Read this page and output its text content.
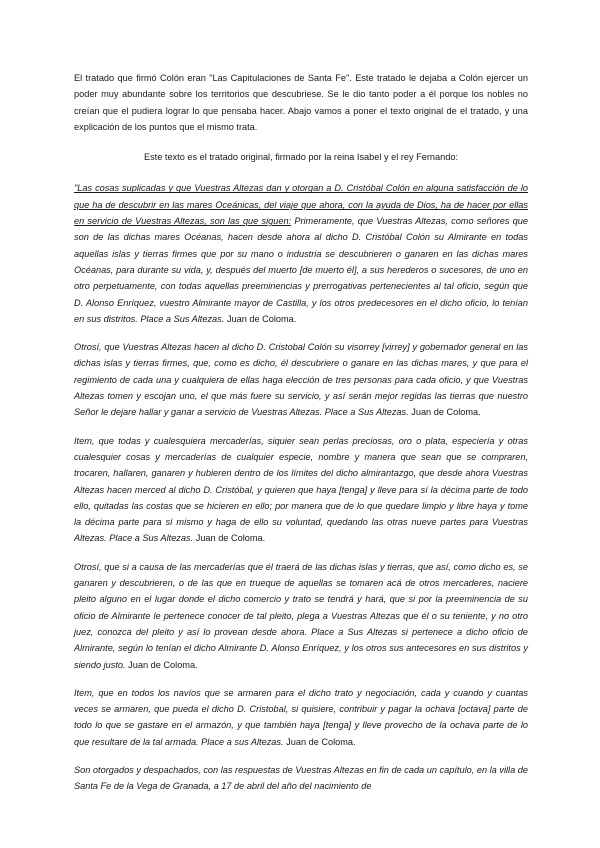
El tratado que firmó Colón eran "Las Capitulaciones de Santa Fe". Este tratado le dejaba a Colón ejercer un poder muy abundante sobre los territorios que descubriese. Se le dio tanto poder a él porque los nobles no creían que el pudiera lograr lo que pensaba hacer. Abajo vamos a poner el texto original de el tratado, y una explicación de los puntos que el mismo trata.

Este texto es el tratado original, firmado por la reina Isabel y el rey Fernando:

"Las cosas suplicadas y que Vuestras Altezas dan y otorgan a D. Cristóbal Colón en alguna satisfacción de lo que ha de descubrir en las mares Oceánicas, del viaje que ahora, con la ayuda de Dios, ha de hacer por ellas en servicio de Vuestras Altezas, son las que siguen: Primeramente, que Vuestras Altezas, como señores que son de las dichas mares Océanas, hacen desde ahora al dicho D. Cristóbal Colón su Almirante en todas aquellas islas y tierras firmes que por su mano o industria se descubrieren o ganaren en las dichas mares Océanas, para durante su vida, y, después del muerto [de muerto él], a sus herederos o sucesores, de uno en otro perpetuamente, con todas aquellas preeminencias y prerrogativas pertenecientes al tal oficio, según que D. Alonso Enríquez, vuestro Almirante mayor de Castilla, y los otros predecesores en el dicho oficio, lo tenían en sus distritos. Place a Sus Altezas. Juan de Coloma.

Otrosí, que Vuestras Altezas hacen al dicho D. Cristobal Colón su visorrey [virrey] y gobernador general en las dichas islas y tierras firmes, que, como es dicho, él descubriere o ganare en las dichas mares, y que para el regimiento de cada una y cualquiera de ellas haga elección de tres personas para cada oficio, y que Vuestras Altezas tomen y escojan uno, el que más fuere su servicio, y así serán mejor regidas las tierras que nuestro Señor le dejare hallar y ganar a servicio de Vuestras Altezas. Place a Sus Altezas. Juan de Coloma.

Item, que todas y cualesquiera mercaderías, siquier sean perlas preciosas, oro o plata, especiería y otras cualesquier cosas y mercaderías de cualquier especie, nombre y manera que sean que se compraren, trocaren, hallaren, ganaren y hubieren dentro de los límites del dicho almirantazgo, que desde ahora Vuestras Altezas hacen merced al dicho D. Cristóbal, y quieren que haya [tenga] y lleve para sí la décima parte de todo ello, quitadas las costas que se hicieren en ello; por manera que de lo que quedare limpio y libre haya y tome la décima parte para sí mismo y haga de ello su voluntad, quedando las otras nueve partes para Vuestras Altezas. Place a Sus Altezas. Juan de Coloma.

Otrosí, que si a causa de las mercaderías que él traerá de las dichas islas y tierras, que así, como dicho es, se ganaren y descubrieren, o de las que en trueque de aquellas se tomaren acá de otros mercaderes, naciere pleito alguno en el lugar donde el dicho comercio y trato se tendrá y hará, que si por la preeminencia de su oficio de Almirante le pertenece conocer de tal pleito, plega a Vuestras Altezas que él o su teniente, y no otro juez, conozca del pleito y así lo provean desde ahora. Place a Sus Altezas si pertenece a dicho oficio de Almirante, según lo tenían el dicho Almirante D. Alonso Enríquez, y los otros sus antecesores en sus distritos y siendo justo. Juan de Coloma.

Item, que en todos los navíos que se armaren para el dicho trato y negociación, cada y cuando y cuantas veces se armaren, que pueda el dicho D. Cristobal, si quisiere, contribuir y pagar la ochava [octava] parte de todo lo que se gastare en el armazón, y que también haya [tenga] y lleve provecho de la ochava parte de lo que resultare de la tal armada. Place a sus Altezas. Juan de Coloma.

Son otorgados y despachados, con las respuestas de Vuestras Altezas en fin de cada un capítulo, en la villa de Santa Fe de la Vega de Granada, a 17 de abril del año del nacimiento de
